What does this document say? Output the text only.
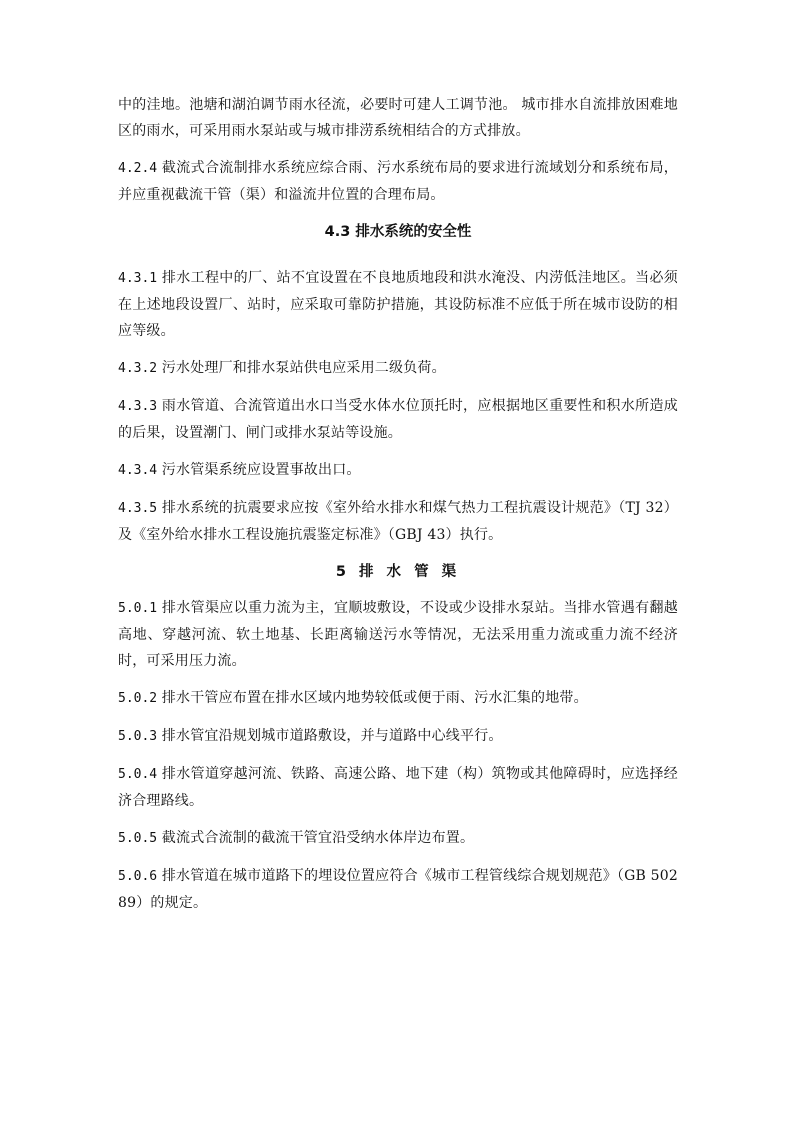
中的洼地。池塘和湖泊调节雨水径流，必要时可建人工调节池。 城市排水自流排放困难地区的雨水，可采用雨水泵站或与城市排涝系统相结合的方式排放。

4.2.4 截流式合流制排水系统应综合雨、污水系统布局的要求进行流域划分和系统布局，并应重视截流干管（渠）和溢流井位置的合理布局。

4.3 排水系统的安全性

4.3.1 排水工程中的厂、站不宜设置在不良地质地段和洪水淹没、内涝低洼地区。当必须在上述地段设置厂、站时，应采取可靠防护措施，其设防标准不应低于所在城市设防的相应等级。

4.3.2 污水处理厂和排水泵站供电应采用二级负荷。

4.3.3 雨水管道、合流管道出水口当受水体水位顶托时，应根据地区重要性和积水所造成的后果，设置潮门、闸门或排水泵站等设施。

4.3.4 污水管渠系统应设置事故出口。

4.3.5 排水系统的抗震要求应按《室外给水排水和煤气热力工程抗震设计规范》（TJ 32）及《室外给水排水工程设施抗震鉴定标准》（GBJ 43）执行。

5 排 水 管 渠

5.0.1 排水管渠应以重力流为主，宜顺坡敷设，不设或少设排水泵站。当排水管遇有翻越高地、穿越河流、软土地基、长距离输送污水等情况，无法采用重力流或重力流不经济时，可采用压力流。

5.0.2 排水干管应布置在排水区域内地势较低或便于雨、污水汇集的地带。

5.0.3 排水管宜沿规划城市道路敷设，并与道路中心线平行。

5.0.4 排水管道穿越河流、铁路、高速公路、地下建（构）筑物或其他障碍时，应选择经济合理路线。

5.0.5 截流式合流制的截流干管宜沿受纳水体岸边布置。

5.0.6 排水管道在城市道路下的埋设位置应符合《城市工程管线综合规划规范》（GB 50289）的规定。
